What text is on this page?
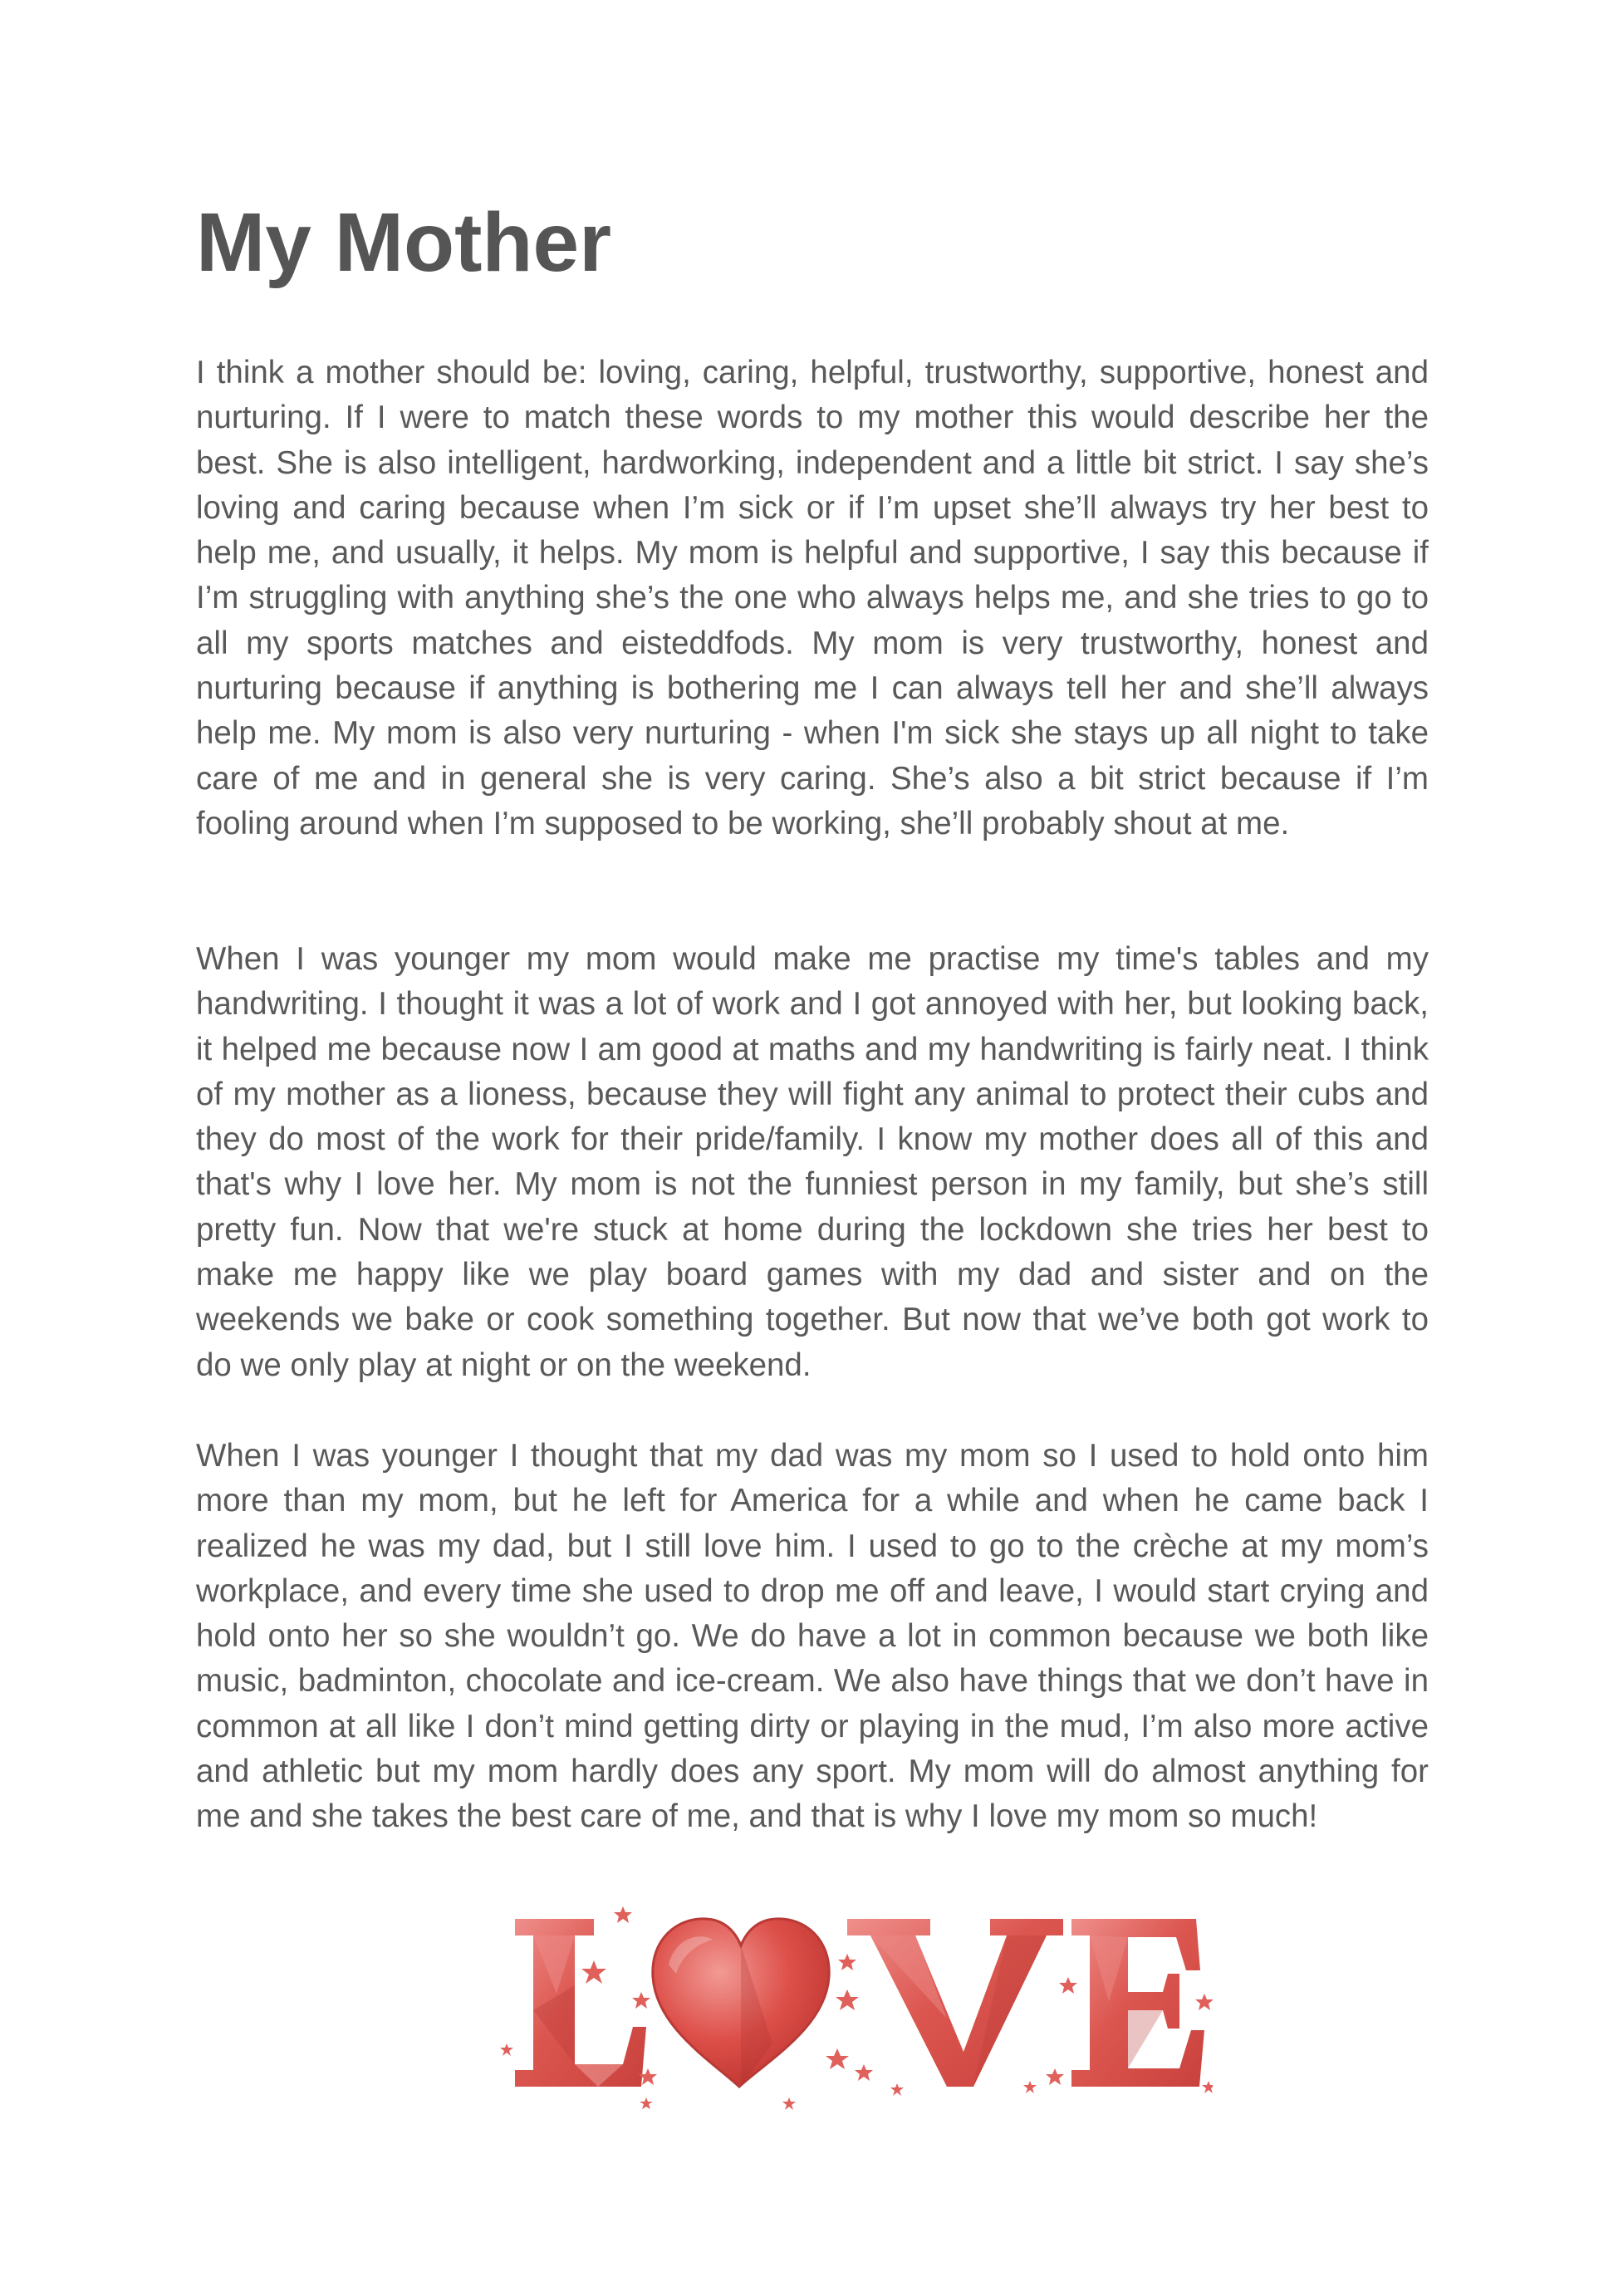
My Mother

I think a mother should be: loving, caring, helpful, trustworthy, supportive, honest and nurturing. If I were to match these words to my mother this would describe her the best. She is also intelligent, hardworking, independent and a little bit strict. I say she’s loving and caring because when I’m sick or if I’m upset she’ll always try her best to help me, and usually, it helps. My mom is helpful and supportive, I say this because if I’m struggling with anything she’s the one who always helps me, and she tries to go to all my sports matches and eisteddfods. My mom is very trustworthy, honest and nurturing because if anything is bothering me I can always tell her and she’ll always help me. My mom is also very nurturing - when I'm sick she stays up all night to take care of me and in general she is very caring. She’s also a bit strict because if I’m fooling around when I’m supposed to be working, she’ll probably shout at me.

When I was younger my mom would make me practise my time's tables and my handwriting. I thought it was a lot of work and I got annoyed with her, but looking back, it helped me because now I am good at maths and my handwriting is fairly neat. I think of my mother as a lioness, because they will fight any animal to protect their cubs and they do most of the work for their pride/family. I know my mother does all of this and that's why I love her. My mom is not the funniest person in my family, but she’s still pretty fun. Now that we're stuck at home during the lockdown she tries her best to make me happy like we play board games with my dad and sister and on the weekends we bake or cook something together. But now that we’ve both got work to do we only play at night or on the weekend.

When I was younger I thought that my dad was my mom so I used to hold onto him more than my mom, but he left for America for a while and when he came back I realized he was my dad, but I still love him. I used to go to the crèche at my mom’s workplace, and every time she used to drop me off and leave, I would start crying and hold onto her so she wouldn’t go. We do have a lot in common because we both like music, badminton, chocolate and ice-cream. We also have things that we don’t have in common at all like I don’t mind getting dirty or playing in the mud, I’m also more active and athletic but my mom hardly does any sport. My mom will do almost anything for me and she takes the best care of me, and that is why I love my mom so much!
